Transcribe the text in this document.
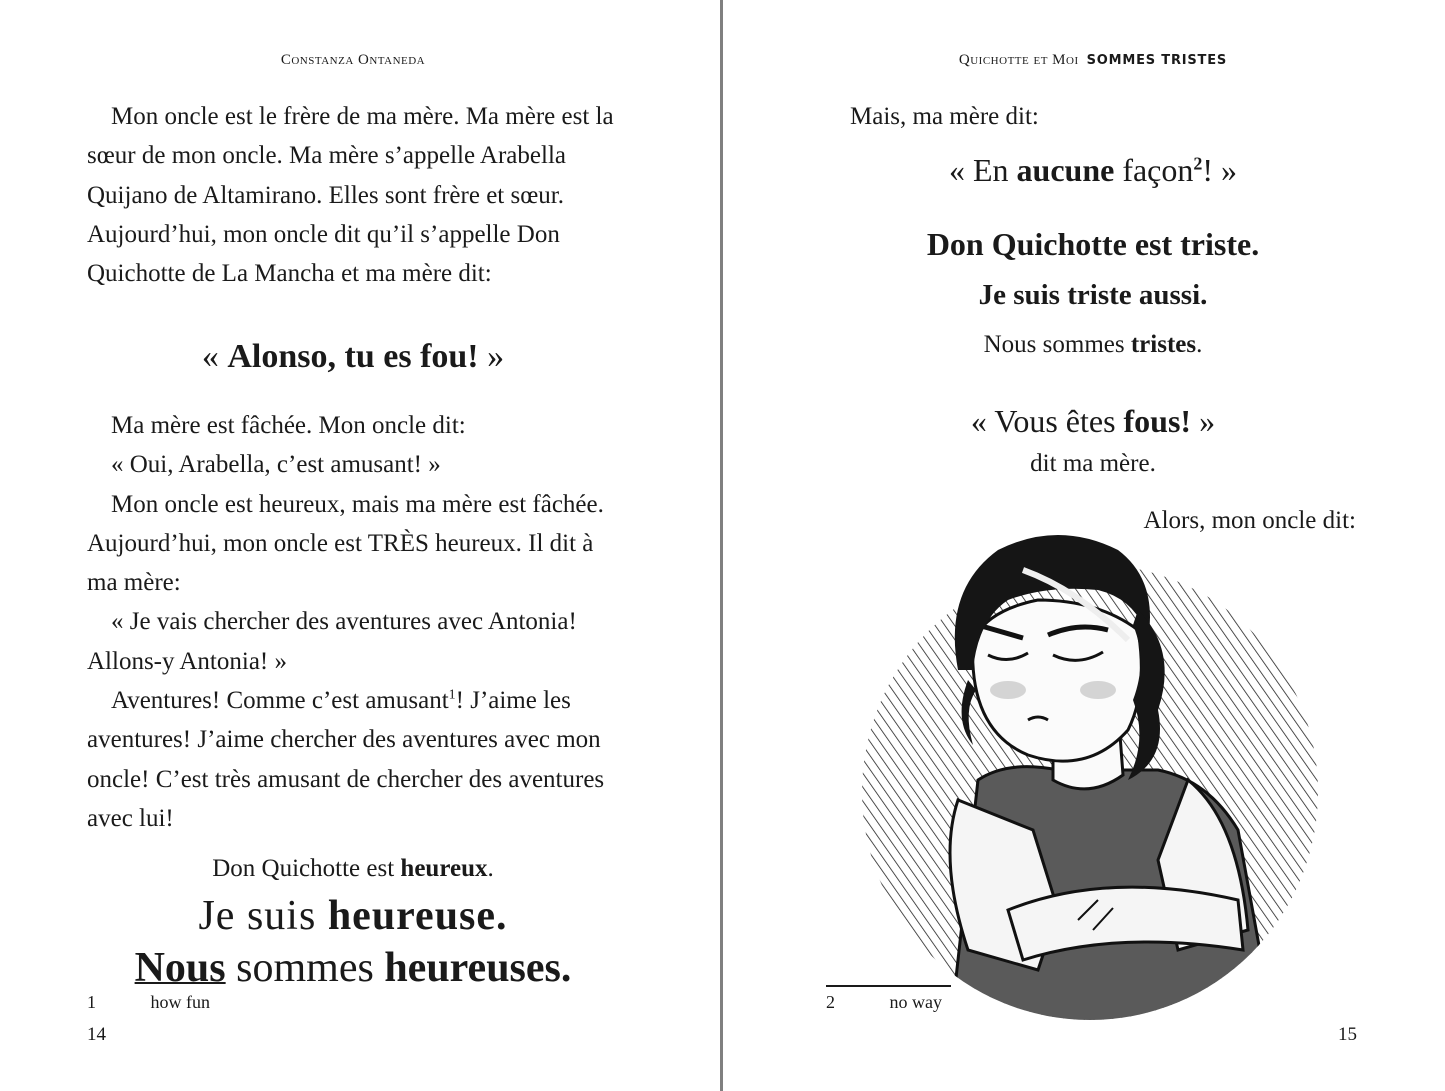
Constanza Ontaneda

Mon oncle est le frère de ma mère. Ma mère est la sœur de mon oncle. Ma mère s’appelle Arabella Quijano de Altamirano. Elles sont frère et sœur. Aujourd’hui, mon oncle dit qu’il s’appelle Don Quichotte de La Mancha et ma mère dit:

« Alonso, tu es fou! »

Ma mère est fâchée. Mon oncle dit:

« Oui, Arabella, c’est amusant! »

Mon oncle est heureux, mais ma mère est fâchée. Aujourd’hui, mon oncle est TRÈS heureux. Il dit à ma mère:

« Je vais chercher des aventures avec Antonia! Allons-y Antonia! »

Aventures! Comme c’est amusant$^1$! J’aime les aventures! J’aime chercher des aventures avec mon oncle! C’est très amusant de chercher des aventures avec lui!

Don Quichotte est heureux.
Je suis heureuse.
Nous sommes heureuses.
1	how fun
14
Quichotte et Moi SOMMES TRISTES
Mais, ma mère dit:
« En aucune façon$^2$! »
Don Quichotte est triste.
Je suis triste aussi.
Nous sommes tristes.
« Vous êtes fous! »
dit ma mère.
Alors, mon oncle dit:
2	no way
15
